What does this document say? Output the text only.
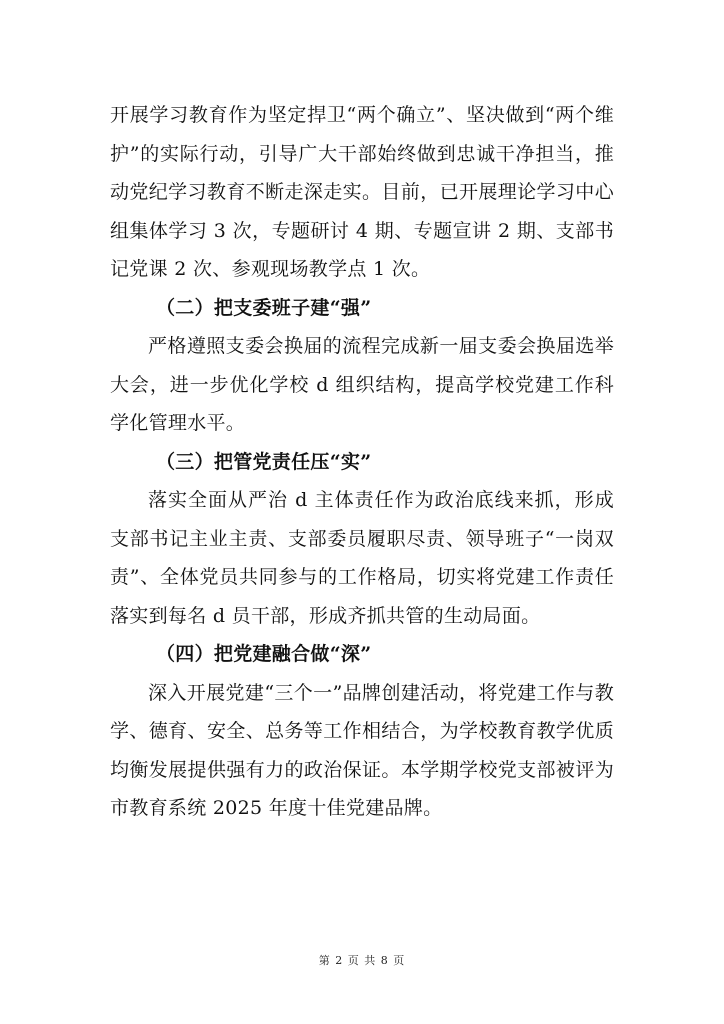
开展学习教育作为坚定捍卫“两个确立”、坚决做到“两个维护”的实际行动，引导广大干部始终做到忠诚干净担当，推动党纪学习教育不断走深走实。目前，已开展理论学习中心组集体学习 3 次，专题研讨 4 期、专题宣讲 2 期、支部书记党课 2 次、参观现场教学点 1 次。

（二）把支委班子建“强”

严格遵照支委会换届的流程完成新一届支委会换届选举大会，进一步优化学校 d 组织结构，提高学校党建工作科学化管理水平。

（三）把管党责任压“实”

落实全面从严治 d 主体责任作为政治底线来抓，形成支部书记主业主责、支部委员履职尽责、领导班子“一岗双责”、全体党员共同参与的工作格局，切实将党建工作责任落实到每名 d 员干部，形成齐抓共管的生动局面。

（四）把党建融合做“深”

深入开展党建“三个一”品牌创建活动，将党建工作与教学、德育、安全、总务等工作相结合，为学校教育教学优质均衡发展提供强有力的政治保证。本学期学校党支部被评为市教育系统 2025 年度十佳党建品牌。

第 2 页 共 8 页
